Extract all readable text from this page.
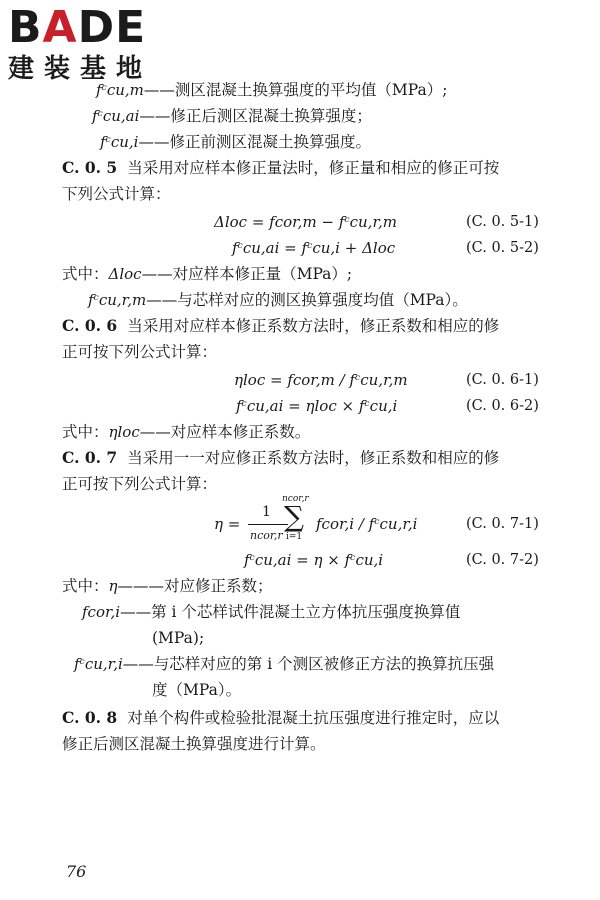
BADE
建装基地
fᶜcu,m——测区混凝土换算强度的平均值（MPa）;
fᶜcu,ai——修正后测区混凝土换算强度；
fᶜcu,i——修正前测区混凝土换算强度。
C. 0. 5 当采用对应样本修正量法时，修正量和相应的修正可按
下列公式计算：
Δloc = fcor,m − fᶜcu,r,m	(C. 0. 5-1)
fᶜcu,ai = fᶜcu,i + Δloc	(C. 0. 5-2)
式中：Δloc——对应样本修正量（MPa）;
fᶜcu,r,m——与芯样对应的测区换算强度均值（MPa）。
C. 0. 6 当采用对应样本修正系数方法时，修正系数和相应的修
正可按下列公式计算：
ηloc = fcor,m / fᶜcu,r,m	(C. 0. 6-1)
fᶜcu,ai = ηloc × fᶜcu,i	(C. 0. 6-2)
式中：ηloc——对应样本修正系数。
C. 0. 7 当采用一一对应修正系数方法时，修正系数和相应的修
正可按下列公式计算：
η =
1
ncor,r
ncor,r
∑
i=1
fcor,i / fᶜcu,r,i	(C. 0. 7-1)
fᶜcu,ai = η × fᶜcu,i	(C. 0. 7-2)
式中：η———对应修正系数；
fcor,i——第 i 个芯样试件混凝土立方体抗压强度换算值
(MPa);
fᶜcu,r,i——与芯样对应的第 i 个测区被修正方法的换算抗压强
度（MPa）。
C. 0. 8 对单个构件或检验批混凝土抗压强度进行推定时，应以
修正后测区混凝土换算强度进行计算。
76
